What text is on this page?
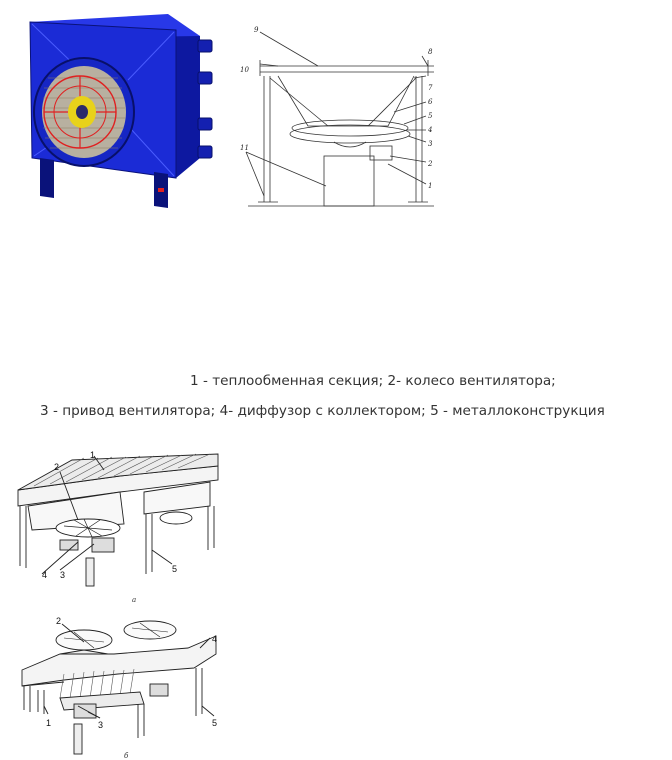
9
10
8
7
6
5
4
3
2
1
11
1 - теплообменная секция; 2- колесо вентилятора;
3 - привод вентилятора; 4- диффузор с коллектором; 5 - металлоконструкция
1
2
3
4
5
а
2
4
3
1	5
б
